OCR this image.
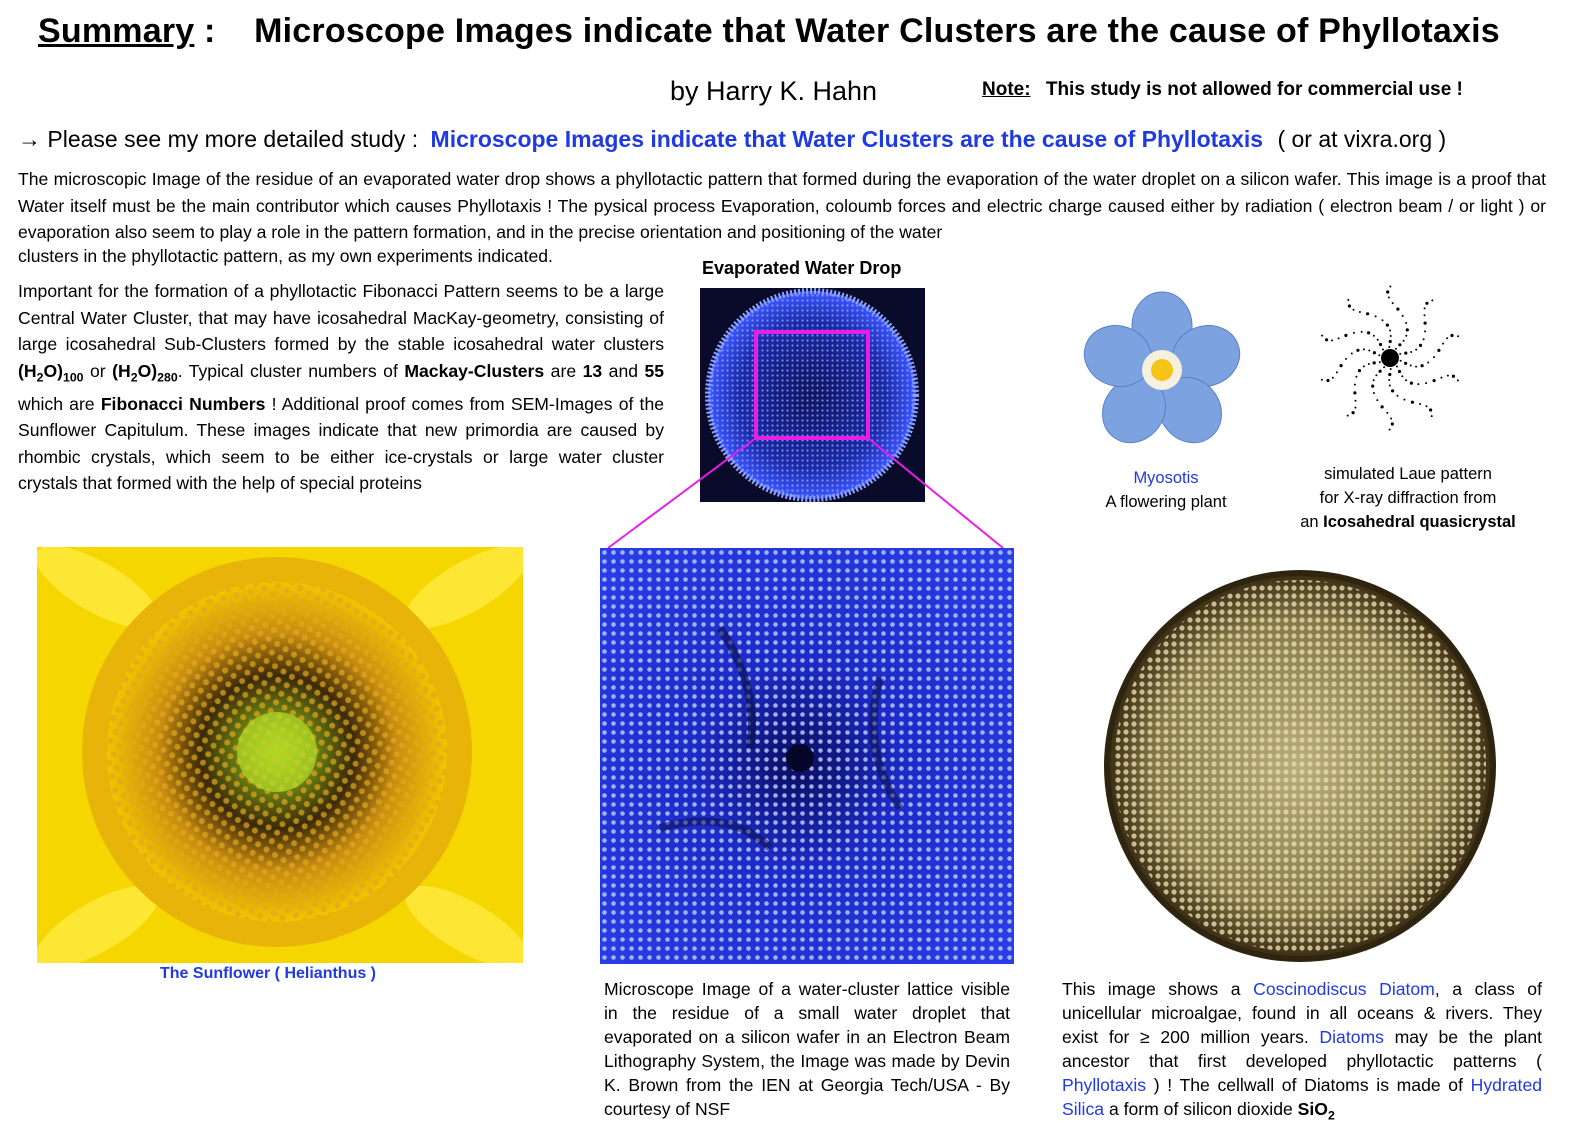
Summary : Microscope Images indicate that Water Clusters are the cause of Phyllotaxis
by Harry K. Hahn	Note: This study is not allowed for commercial use !
→ Please see my more detailed study : Microscope Images indicate that Water Clusters are the cause of Phyllotaxis ( or at vixra.org )
The microscopic Image of the residue of an evaporated water drop shows a phyllotactic pattern that formed during the evaporation of the water droplet on a silicon wafer. This image is a proof that Water itself must be the main contributor which causes Phyllotaxis ! The pysical process Evaporation, coloumb forces and electric charge caused either by radiation ( electron beam / or light ) or evaporation also seem to play a role in the pattern formation, and in the precise orientation and positioning of the water
clusters in the phyllotactic pattern, as my own experiments indicated.
Important for the formation of a phyllotactic Fibonacci Pattern seems to be a large Central Water Cluster, that may have icosahedral MacKay-geometry, consisting of large icosahedral Sub-Clusters formed by the stable icosahedral water clusters $(H_2O)_{100}$ or $(H_2O)_{280}$. Typical cluster numbers of Mackay-Clusters are 13 and 55 which are Fibonacci Numbers ! Additional proof comes from SEM-Images of the Sunflower Capitulum. These images indicate that new primordia are caused by rhombic crystals, which seem to be either ice-crystals or large water cluster crystals that formed with the help of special proteins
Evaporated Water Drop
The Sunflower ( Helianthus )
Microscope Image of a water-cluster lattice visible in the residue of a small water droplet that evaporated on a silicon wafer in an Electron Beam Lithography System, the Image was made by Devin K. Brown from the IEN at Georgia Tech/USA - By courtesy of NSF
Myosotis
A flowering plant
simulated Laue pattern
for X-ray diffraction from
an Icosahedral quasicrystal
This image shows a Coscinodiscus Diatom, a class of unicellular microalgae, found in all oceans & rivers. They exist for ≥ 200 million years. Diatoms may be the plant ancestor that first developed phyllotactic patterns ( Phyllotaxis ) ! The cellwall of Diatoms is made of Hydrated Silica a form of silicon dioxide SiO$_2$
